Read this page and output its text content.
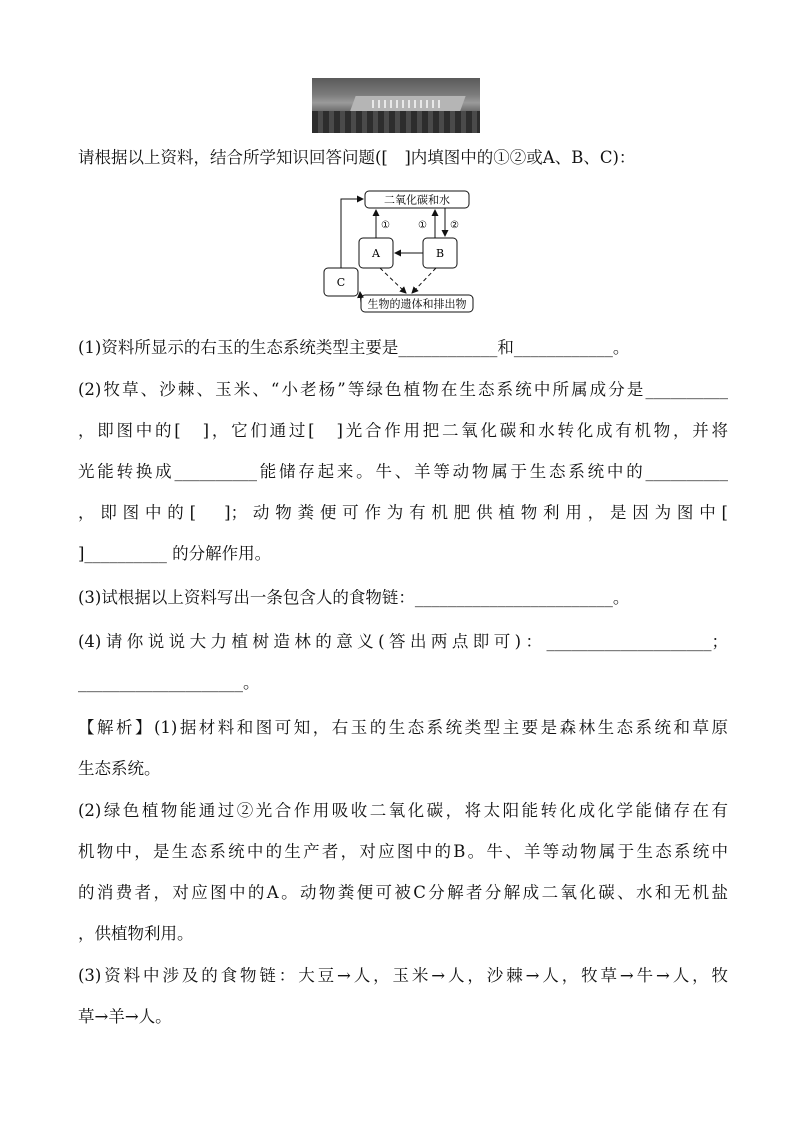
请根据以上资料，结合所学知识回答问题([　]内填图中的①②或A、B、C)：
二氧化碳和水
生物的遗体和排出物
A	B
C
①	① ②
(1)资料所显示的右玉的生态系统类型主要是____________和____________。
(2)牧草、沙棘、玉米、“小老杨”等绿色植物在生态系统中所属成分是__________
，即图中的[　]，它们通过[　]光合作用把二氧化碳和水转化成有机物，并将
光能转换成__________能储存起来。牛、羊等动物属于生态系统中的__________
，即图中的[　]；动物粪便可作为有机肥供植物利用，是因为图中[
]__________ 的分解作用。
(3)试根据以上资料写出一条包含人的食物链：________________________。
(4)请你说说大力植树造林的意义(答出两点即可)：____________________；
____________________。
【解析】(1)据材料和图可知，右玉的生态系统类型主要是森林生态系统和草原
生态系统。
(2)绿色植物能通过②光合作用吸收二氧化碳，将太阳能转化成化学能储存在有
机物中，是生态系统中的生产者，对应图中的B。牛、羊等动物属于生态系统中
的消费者，对应图中的A。动物粪便可被C分解者分解成二氧化碳、水和无机盐
，供植物利用。
(3)资料中涉及的食物链：大豆→人，玉米→人，沙棘→人，牧草→牛→人，牧
草→羊→人。
